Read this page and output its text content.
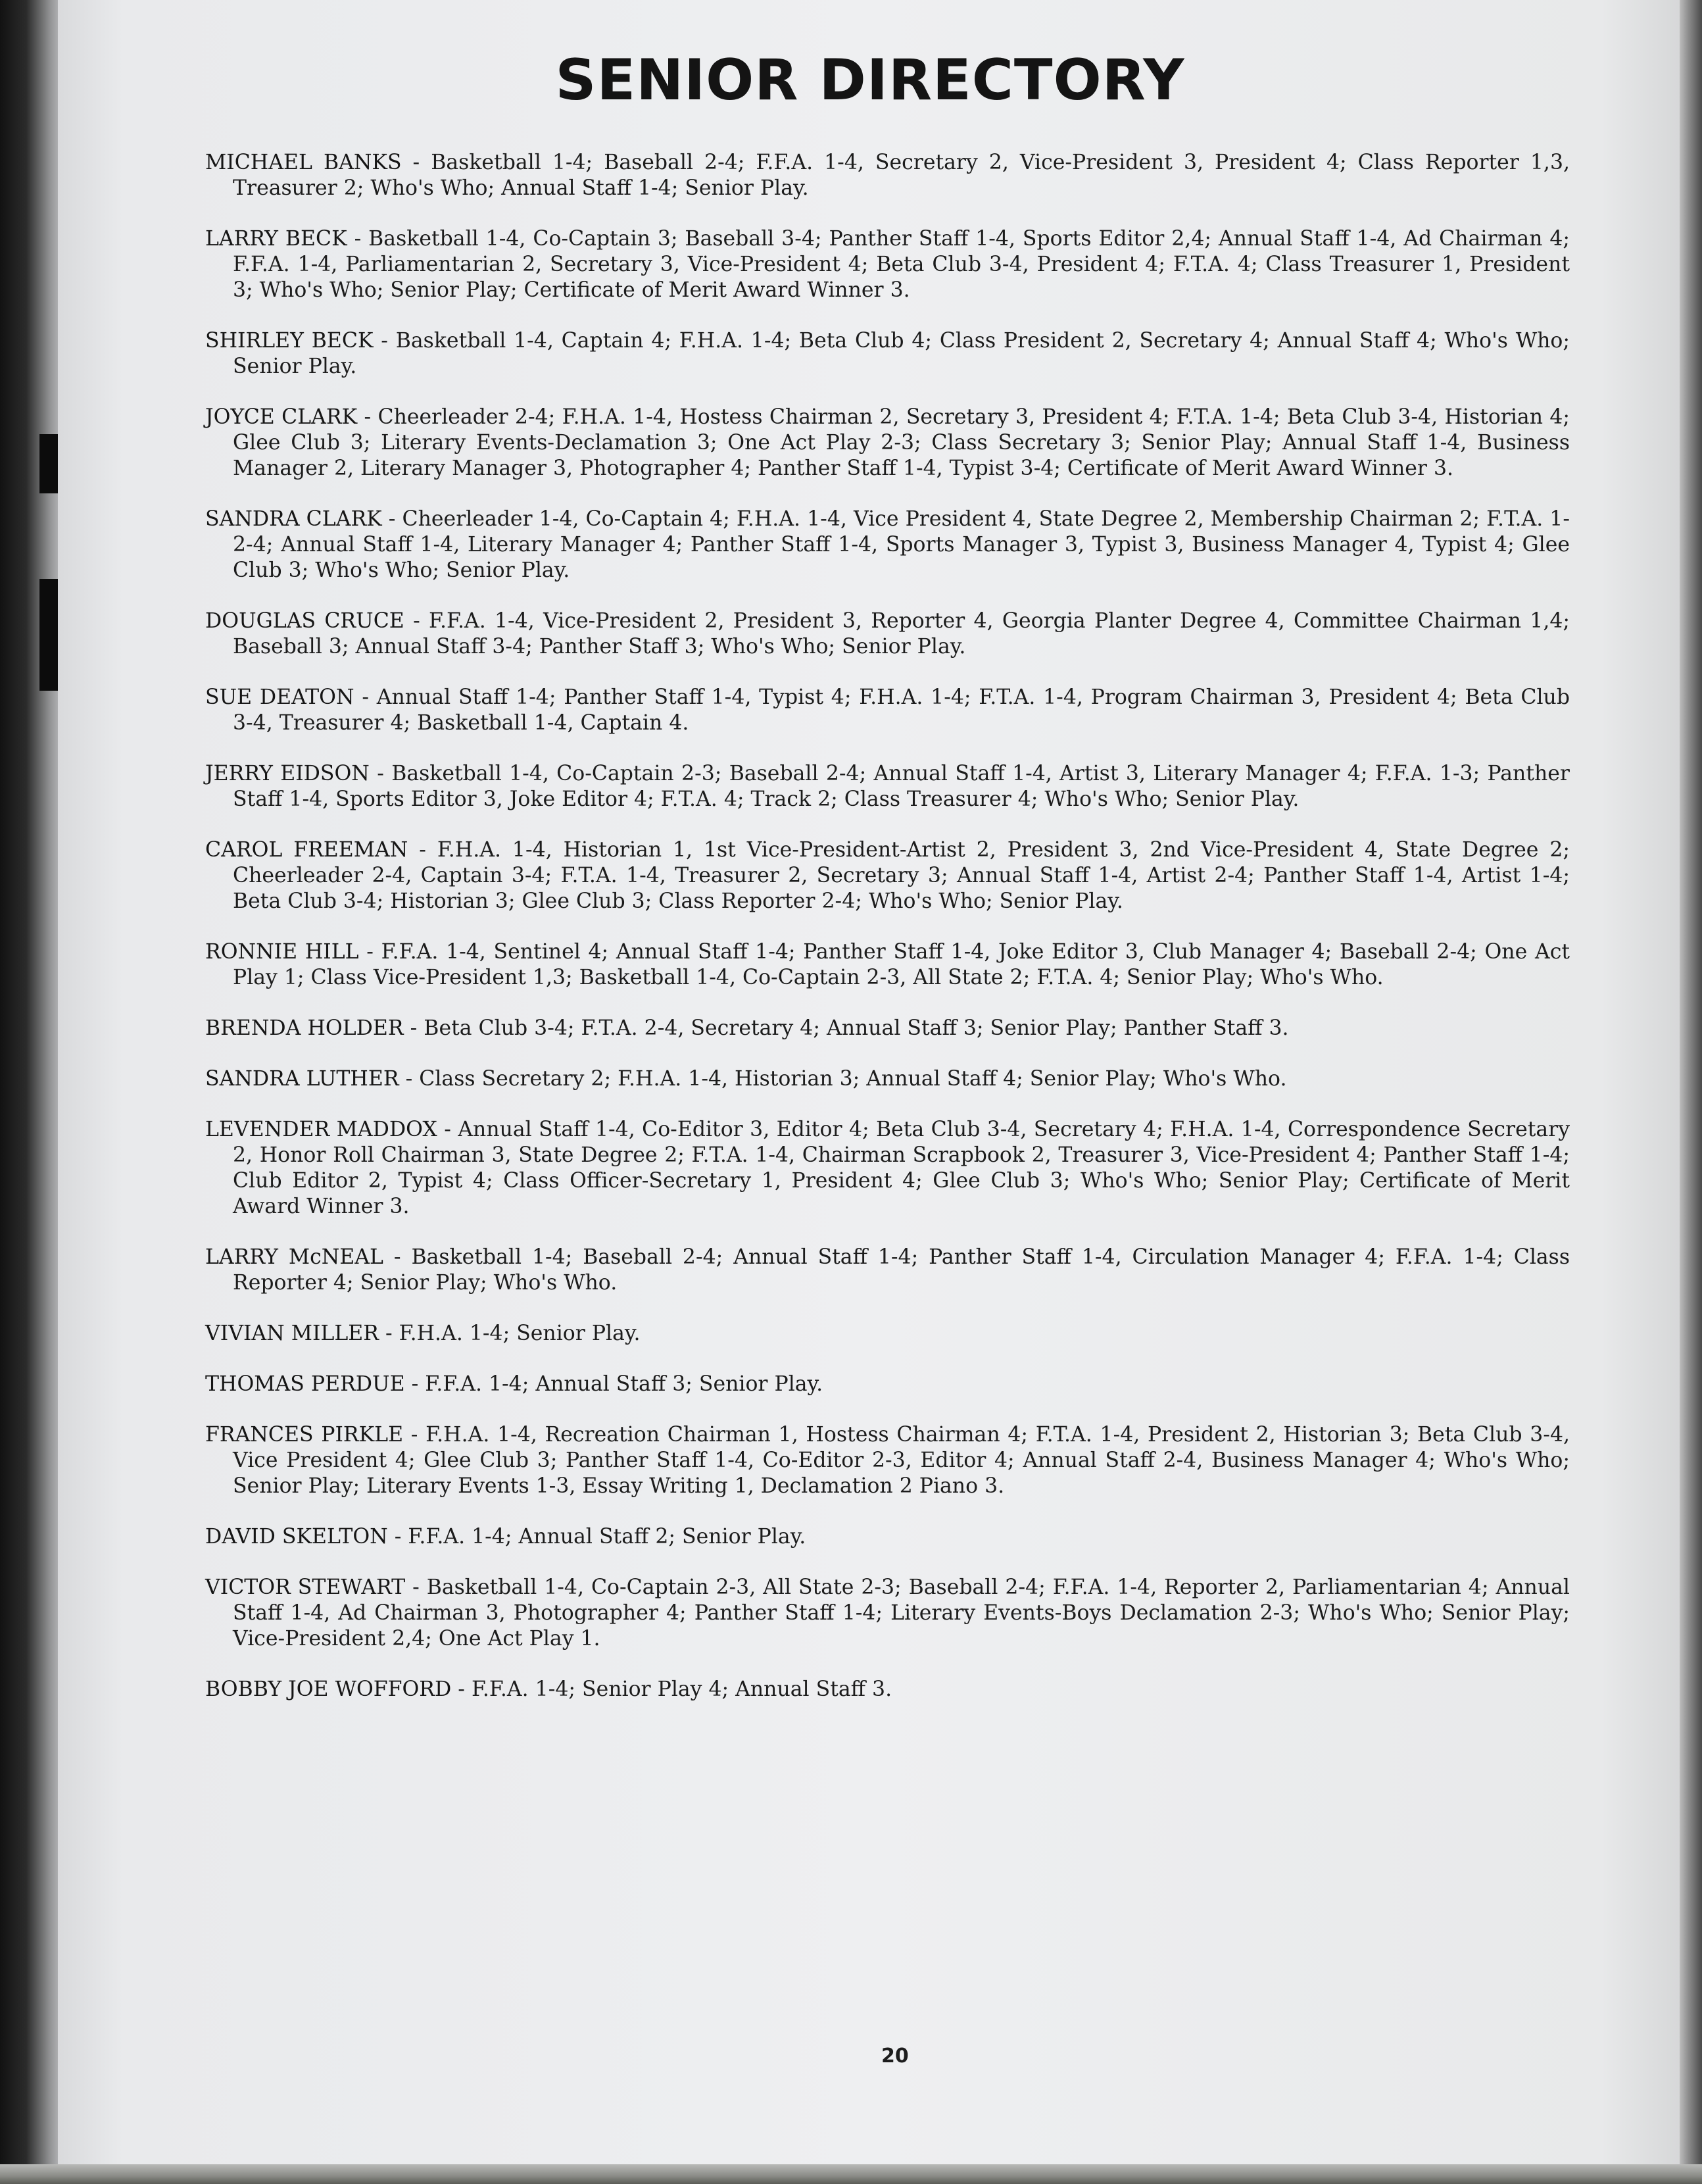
SENIOR DIRECTORY
MICHAEL BANKS - Basketball 1-4; Baseball 2-4; F.F.A. 1-4, Secretary 2, Vice-President 3, President 4; Class Reporter 1,3, Treasurer 2; Who's Who; Annual Staff 1-4; Senior Play.
LARRY BECK - Basketball 1-4, Co-Captain 3; Baseball 3-4; Panther Staff 1-4, Sports Editor 2,4; Annual Staff 1-4, Ad Chairman 4; F.F.A. 1-4, Parliamentarian 2, Secretary 3, Vice-President 4; Beta Club 3-4, President 4; F.T.A. 4; Class Treasurer 1, President 3; Who's Who; Senior Play; Certificate of Merit Award Winner 3.
SHIRLEY BECK - Basketball 1-4, Captain 4; F.H.A. 1-4; Beta Club 4; Class President 2, Secretary 4; Annual Staff 4; Who's Who; Senior Play.
JOYCE CLARK - Cheerleader 2-4; F.H.A. 1-4, Hostess Chairman 2, Secretary 3, President 4; F.T.A. 1-4; Beta Club 3-4, Historian 4; Glee Club 3; Literary Events-Declamation 3; One Act Play 2-3; Class Secretary 3; Senior Play; Annual Staff 1-4, Business Manager 2, Literary Manager 3, Photographer 4; Panther Staff 1-4, Typist 3-4; Certificate of Merit Award Winner 3.
SANDRA CLARK - Cheerleader 1-4, Co-Captain 4; F.H.A. 1-4, Vice President 4, State Degree 2, Membership Chairman 2; F.T.A. 1-2-4; Annual Staff 1-4, Literary Manager 4; Panther Staff 1-4, Sports Manager 3, Typist 3, Business Manager 4, Typist 4; Glee Club 3; Who's Who; Senior Play.
DOUGLAS CRUCE - F.F.A. 1-4, Vice-President 2, President 3, Reporter 4, Georgia Planter Degree 4, Committee Chairman 1,4; Baseball 3; Annual Staff 3-4; Panther Staff 3; Who's Who; Senior Play.
SUE DEATON - Annual Staff 1-4; Panther Staff 1-4, Typist 4; F.H.A. 1-4; F.T.A. 1-4, Program Chairman 3, President 4; Beta Club 3-4, Treasurer 4; Basketball 1-4, Captain 4.
JERRY EIDSON - Basketball 1-4, Co-Captain 2-3; Baseball 2-4; Annual Staff 1-4, Artist 3, Literary Manager 4; F.F.A. 1-3; Panther Staff 1-4, Sports Editor 3, Joke Editor 4; F.T.A. 4; Track 2; Class Treasurer 4; Who's Who; Senior Play.
CAROL FREEMAN - F.H.A. 1-4, Historian 1, 1st Vice-President-Artist 2, President 3, 2nd Vice-President 4, State Degree 2; Cheerleader 2-4, Captain 3-4; F.T.A. 1-4, Treasurer 2, Secretary 3; Annual Staff 1-4, Artist 2-4; Panther Staff 1-4, Artist 1-4; Beta Club 3-4; Historian 3; Glee Club 3; Class Reporter 2-4; Who's Who; Senior Play.
RONNIE HILL - F.F.A. 1-4, Sentinel 4; Annual Staff 1-4; Panther Staff 1-4, Joke Editor 3, Club Manager 4; Baseball 2-4; One Act Play 1; Class Vice-President 1,3; Basketball 1-4, Co-Captain 2-3, All State 2; F.T.A. 4; Senior Play; Who's Who.
BRENDA HOLDER - Beta Club 3-4; F.T.A. 2-4, Secretary 4; Annual Staff 3; Senior Play; Panther Staff 3.
SANDRA LUTHER - Class Secretary 2; F.H.A. 1-4, Historian 3; Annual Staff 4; Senior Play; Who's Who.
LEVENDER MADDOX - Annual Staff 1-4, Co-Editor 3, Editor 4; Beta Club 3-4, Secretary 4; F.H.A. 1-4, Correspondence Secretary 2, Honor Roll Chairman 3, State Degree 2; F.T.A. 1-4, Chairman Scrapbook 2, Treasurer 3, Vice-President 4; Panther Staff 1-4; Club Editor 2, Typist 4; Class Officer-Secretary 1, President 4; Glee Club 3; Who's Who; Senior Play; Certificate of Merit Award Winner 3.
LARRY McNEAL - Basketball 1-4; Baseball 2-4; Annual Staff 1-4; Panther Staff 1-4, Circulation Manager 4; F.F.A. 1-4; Class Reporter 4; Senior Play; Who's Who.
VIVIAN MILLER - F.H.A. 1-4; Senior Play.
THOMAS PERDUE - F.F.A. 1-4; Annual Staff 3; Senior Play.
FRANCES PIRKLE - F.H.A. 1-4, Recreation Chairman 1, Hostess Chairman 4; F.T.A. 1-4, President 2, Historian 3; Beta Club 3-4, Vice President 4; Glee Club 3; Panther Staff 1-4, Co-Editor 2-3, Editor 4; Annual Staff 2-4, Business Manager 4; Who's Who; Senior Play; Literary Events 1-3, Essay Writing 1, Declamation 2 Piano 3.
DAVID SKELTON - F.F.A. 1-4; Annual Staff 2; Senior Play.
VICTOR STEWART - Basketball 1-4, Co-Captain 2-3, All State 2-3; Baseball 2-4; F.F.A. 1-4, Reporter 2, Parliamentarian 4; Annual Staff 1-4, Ad Chairman 3, Photographer 4; Panther Staff 1-4; Literary Events-Boys Declamation 2-3; Who's Who; Senior Play; Vice-President 2,4; One Act Play 1.
BOBBY JOE WOFFORD - F.F.A. 1-4; Senior Play 4; Annual Staff 3.
20
